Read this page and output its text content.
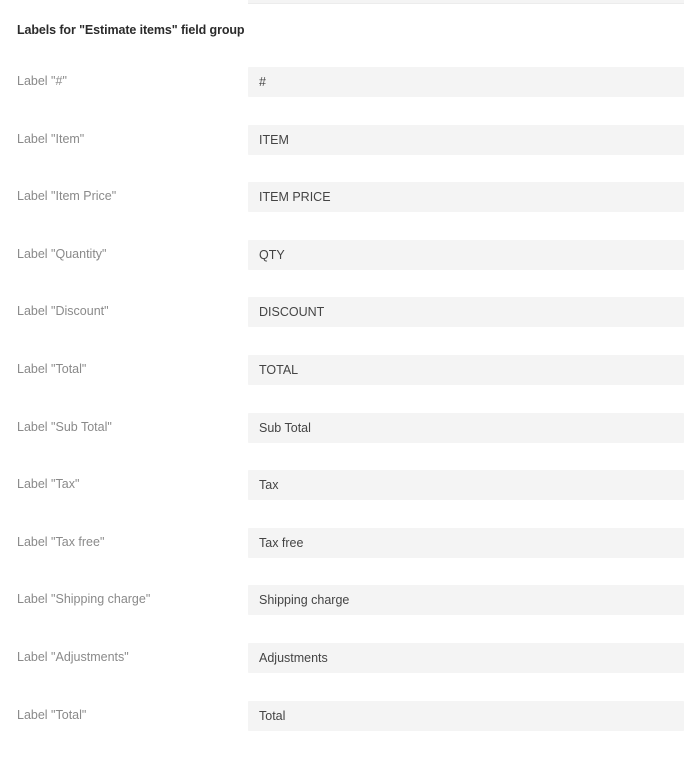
Labels for "Estimate items" field group
Label "#"
#
Label "Item"
ITEM
Label "Item Price"
ITEM PRICE
Label "Quantity"
QTY
Label "Discount"
DISCOUNT
Label "Total"
TOTAL
Label "Sub Total"
Sub Total
Label "Tax"
Tax
Label "Tax free"
Tax free
Label "Shipping charge"
Shipping charge
Label "Adjustments"
Adjustments
Label "Total"
Total
